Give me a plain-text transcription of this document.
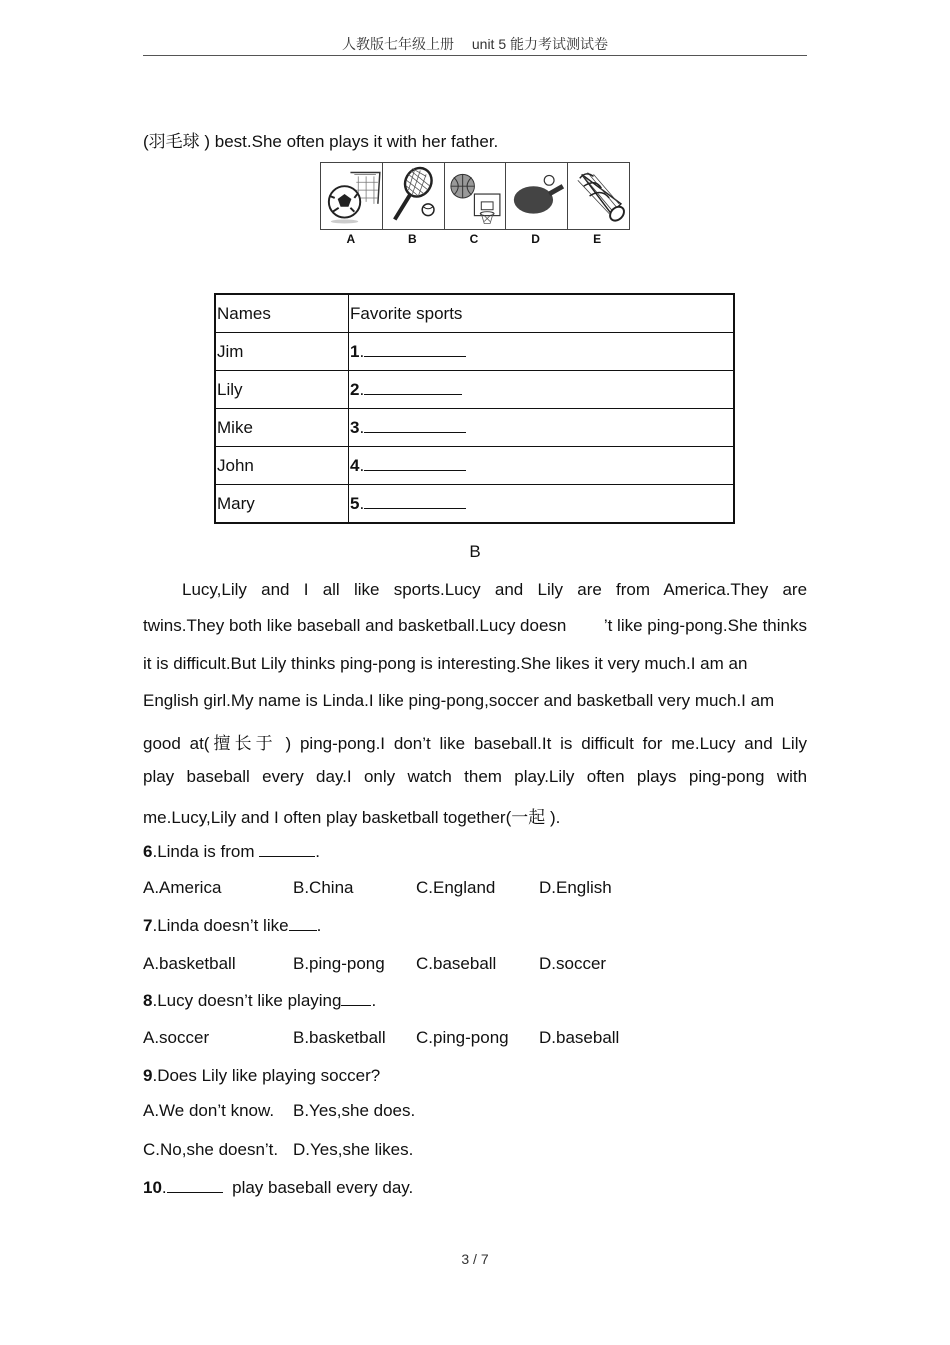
人教版七年级上册　 unit 5 能力考试测试卷
(羽毛球 ) best.She often plays it with her father.
A	B	C	D	E
Names	Favorite sports
Jim	1.
Lily	2.
Mike	3.
John	4.
Mary	5.
B
Lucy,Lily and I all like sports.Lucy and Lily are from America.They are
twins.They both like baseball and basketball.Lucy doesn ’t like ping-pong.She thinks
it is difficult.But Lily thinks ping-pong is interesting.She likes it very much.I am an
English girl.My name is Linda.I like ping-pong,soccer and basketball very much.I am
good at(擅长于 ) ping-pong.I don’t like baseball.It is difficult for me.Lucy and Lily
play baseball every day.I only watch them play.Lily often plays ping-pong with
me.Lucy,Lily and I often play basketball together(一起 ).
6.Linda is from	.
A.America	B.China	C.England	D.English
7.Linda doesn’t like .
A.basketball	B.ping-pong C.baseball	D.soccer
8.Lucy doesn’t like playing .
A.soccer	B.basketball C.ping-pong D.baseball
9.Does Lily like playing soccer?
A.We don’t know. B.Yes,she does.
C.No,she doesn’t. D.Yes,she likes.
10.	play baseball every day.
3 / 7
